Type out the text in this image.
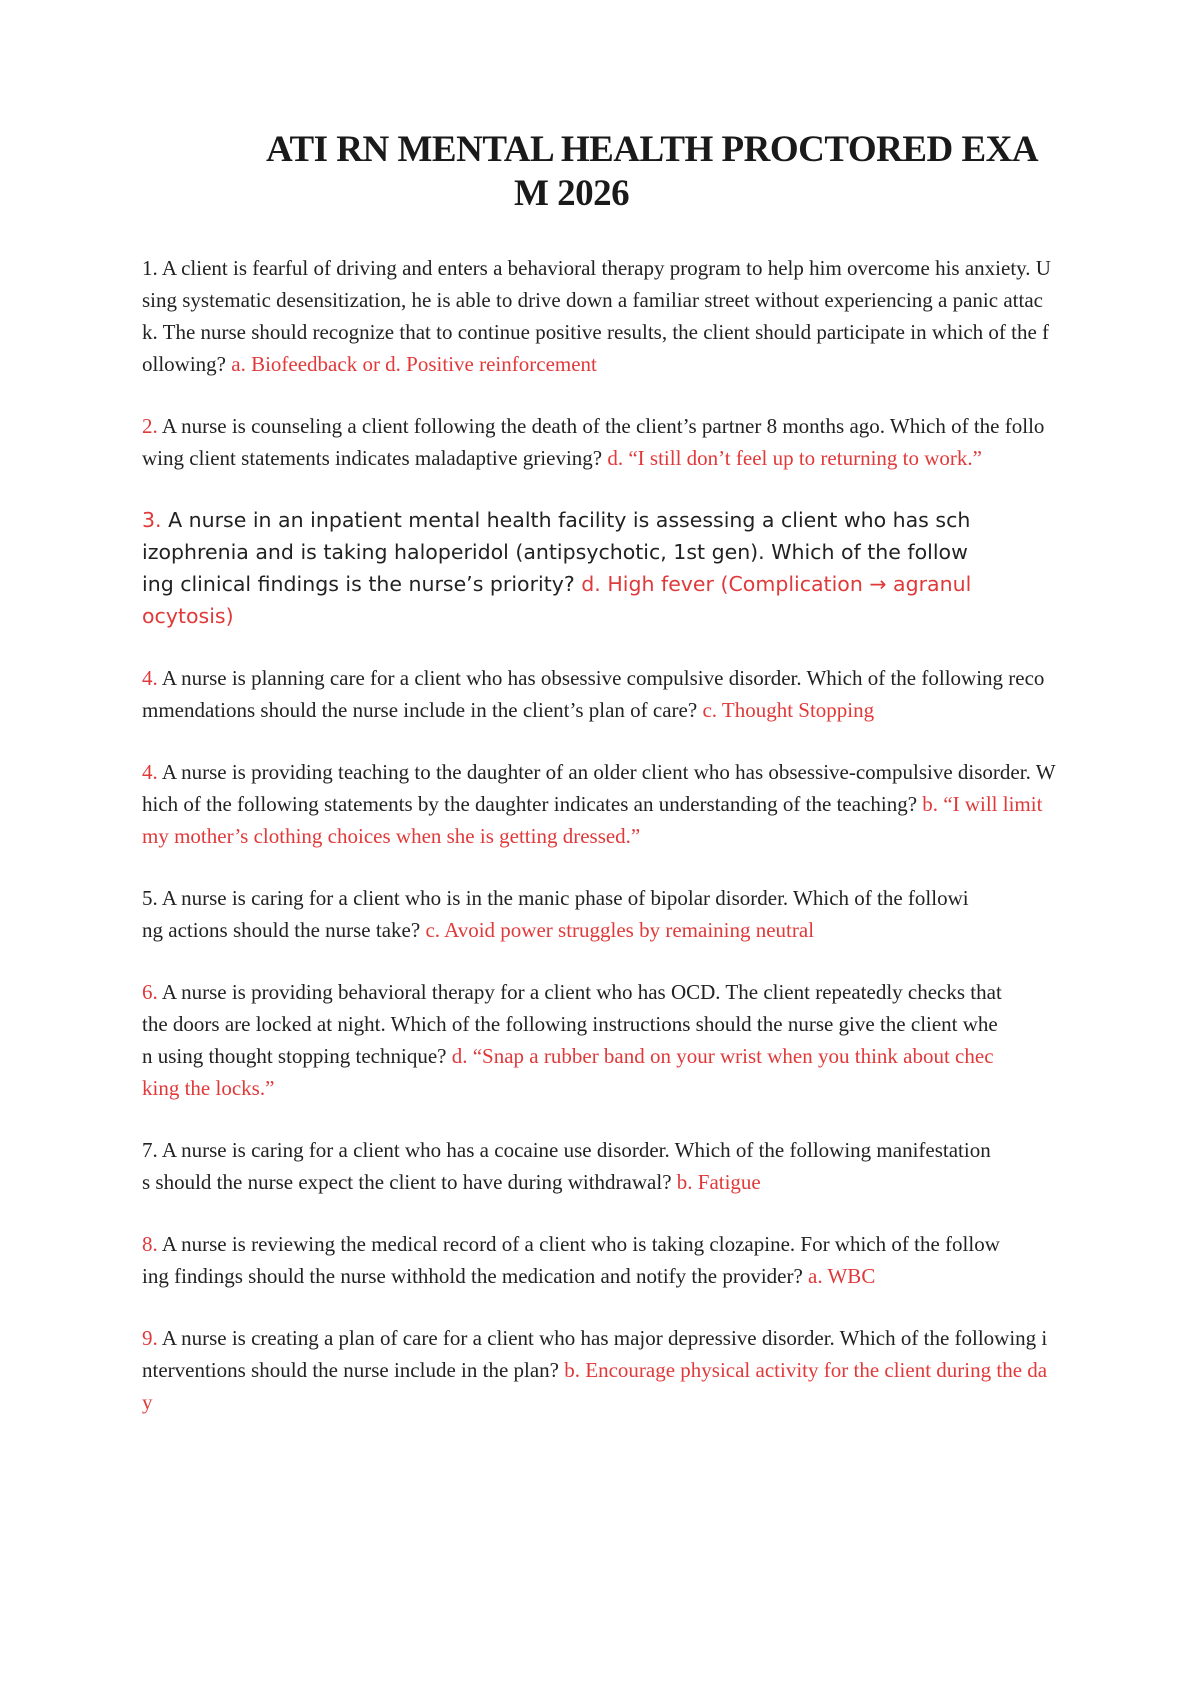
ATI RN MENTAL HEALTH PROCTORED EXA
M 2026

1. A client is fearful of driving and enters a behavioral therapy program to help him overcome his anxiety. Using systematic desensitization, he is able to drive down a familiar street without experiencing a panic attack. The nurse should recognize that to continue positive results, the client should participate in which of the following? a. Biofeedback or d. Positive reinforcement

2. A nurse is counseling a client following the death of the client’s partner 8 months ago. Which of the following client statements indicates maladaptive grieving? d. “I still don’t feel up to returning to work.”

3. A nurse in an inpatient mental health facility is assessing a client who has schizophrenia and is taking haloperidol (antipsychotic, 1st gen). Which of the following clinical findings is the nurse’s priority? d. High fever (Complication → agranulocytosis)

4. A nurse is planning care for a client who has obsessive compulsive disorder. Which of the following recommendations should the nurse include in the client’s plan of care? c. Thought Stopping

4. A nurse is providing teaching to the daughter of an older client who has obsessive-compulsive disorder. Which of the following statements by the daughter indicates an understanding of the teaching? b. “I will limit my mother’s clothing choices when she is getting dressed.”

5. A nurse is caring for a client who is in the manic phase of bipolar disorder. Which of the following actions should the nurse take? c. Avoid power struggles by remaining neutral

6. A nurse is providing behavioral therapy for a client who has OCD. The client repeatedly checks that the doors are locked at night. Which of the following instructions should the nurse give the client when using thought stopping technique? d. “Snap a rubber band on your wrist when you think about checking the locks.”

7. A nurse is caring for a client who has a cocaine use disorder. Which of the following manifestations should the nurse expect the client to have during withdrawal? b. Fatigue

8. A nurse is reviewing the medical record of a client who is taking clozapine. For which of the following findings should the nurse withhold the medication and notify the provider? a. WBC

9. A nurse is creating a plan of care for a client who has major depressive disorder. Which of the following interventions should the nurse include in the plan? b. Encourage physical activity for the client during the day
